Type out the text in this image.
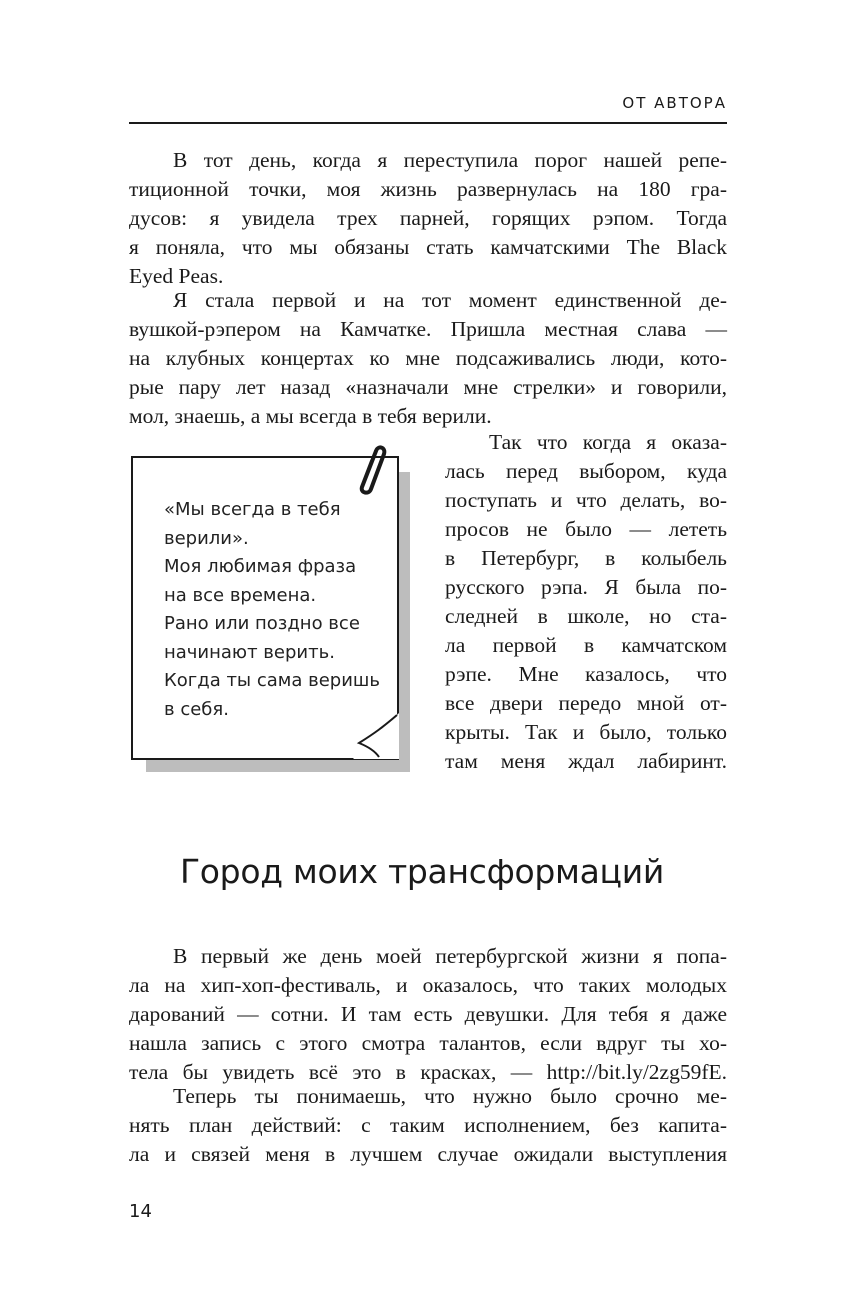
ОТ АВТОРА
В тот день, когда я переступила порог нашей репе-
тиционной точки, моя жизнь развернулась на 180 гра-
дусов: я увидела трех парней, горящих рэпом. Тогда
я поняла, что мы обязаны стать камчатскими The Black
Eyed Peas.
Я стала первой и на тот момент единственной де-
вушкой-рэпером на Камчатке. Пришла местная слава —
на клубных концертах ко мне подсаживались люди, кото-
рые пару лет назад «назначали мне стрелки» и говорили,
мол, знаешь, а мы всегда в тебя верили.
«Мы всегда в тебя
верили».
Моя любимая фраза
на все времена.
Рано или поздно все
начинают верить.
Когда ты сама веришь
в себя.
Так что когда я оказа-
лась перед выбором, куда
поступать и что делать, во-
просов не было — лететь
в Петербург, в колыбель
русского рэпа. Я была по-
следней в школе, но ста-
ла первой в камчатском
рэпе. Мне казалось, что
все двери передо мной от-
крыты. Так и было, только
там меня ждал лабиринт.
Город моих трансформаций
В первый же день моей петербургской жизни я попа-
ла на хип-хоп-фестиваль, и оказалось, что таких молодых
дарований — сотни. И там есть девушки. Для тебя я даже
нашла запись с этого смотра талантов, если вдруг ты хо-
тела бы увидеть всё это в красках, — http://bit.ly/2zg59fE.
Теперь ты понимаешь, что нужно было срочно ме-
нять план действий: с таким исполнением, без капита-
ла и связей меня в лучшем случае ожидали выступления
14
